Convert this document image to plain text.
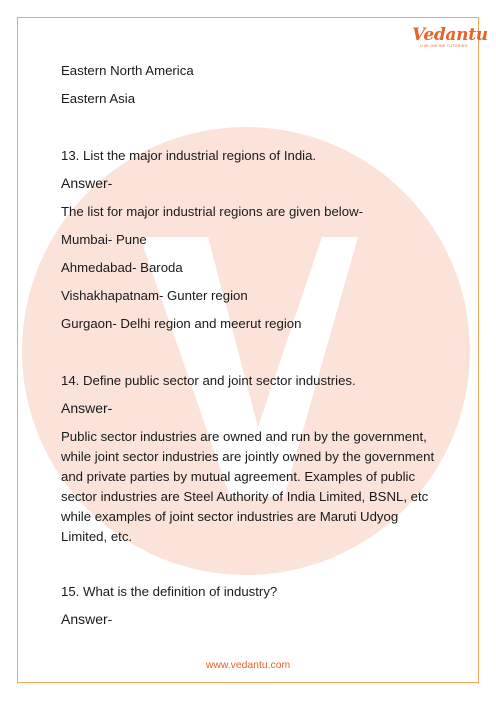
Vedantu
LIVE ONLINE TUTORING
Eastern North America
Eastern Asia
13. List the major industrial regions of India.
Answer-
The list for major industrial regions are given below-
Mumbai- Pune
Ahmedabad- Baroda
Vishakhapatnam- Gunter region
Gurgaon- Delhi region and meerut region
14. Define public sector and joint sector industries.
Answer-
Public sector industries are owned and run by the government, while joint sector industries are jointly owned by the government and private parties by mutual agreement. Examples of public sector industries are Steel Authority of India Limited, BSNL, etc while examples of joint sector industries are Maruti Udyog Limited, etc.
15. What is the definition of industry?
Answer-
www.vedantu.com
